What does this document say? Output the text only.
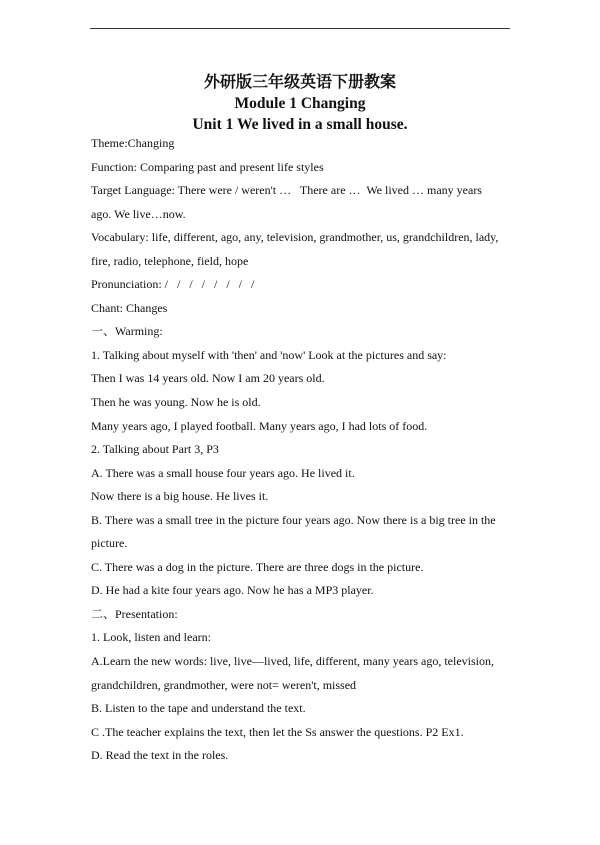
外研版三年级英语下册教案
Module 1 Changing
Unit 1 We lived in a small house.

Theme:Changing

Function: Comparing past and present life styles

Target Language: There were / weren't …   There are …  We lived … many years

ago. We live…now.

Vocabulary: life, different, ago, any, television, grandmother, us, grandchildren, lady,

fire, radio, telephone, field, hope

Pronunciation: /   /   /   /   /   /   /   /

Chant: Changes

一、Warming:

1. Talking about myself with 'then' and 'now' Look at the pictures and say:

Then I was 14 years old. Now I am 20 years old.

Then he was young. Now he is old.

Many years ago, I played football. Many years ago, I had lots of food.

2. Talking about Part 3, P3

A. There was a small house four years ago. He lived it.

Now there is a big house. He lives it.

B. There was a small tree in the picture four years ago. Now there is a big tree in the

picture.

C. There was a dog in the picture. There are three dogs in the picture.

D. He had a kite four years ago. Now he has a MP3 player.

二、Presentation:

1. Look, listen and learn:

A.Learn the new words: live, live—lived, life, different, many years ago, television,

grandchildren, grandmother, were not= weren't, missed

B. Listen to the tape and understand the text.

C .The teacher explains the text, then let the Ss answer the questions. P2 Ex1.

D. Read the text in the roles.
